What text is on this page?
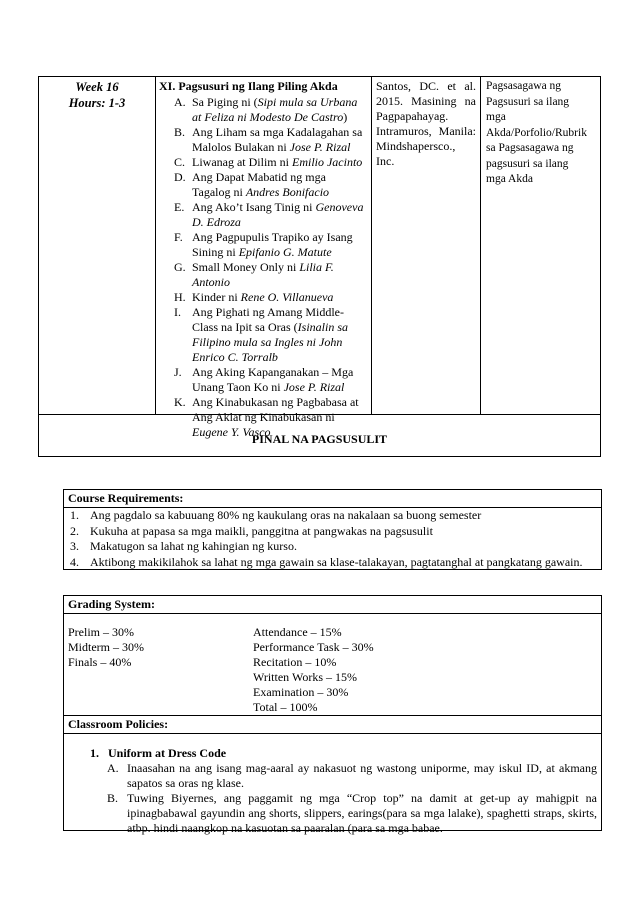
Week 16
Hours: 1-3
XI. Pagsusuri ng Ilang Piling Akda
A. Sa Piging ni (Sipi mula sa Urbana at Feliza ni Modesto De Castro)
B. Ang Liham sa mga Kadalagahan sa Malolos Bulakan ni Jose P. Rizal
C. Liwanag at Dilim ni Emilio Jacinto
D. Ang Dapat Mabatid ng mga Tagalog ni Andres Bonifacio
E. Ang Ako’t Isang Tinig ni Genoveva D. Edroza
F. Ang Pagpupulis Trapiko ay Isang Sining ni Epifanio G. Matute
G. Small Money Only ni Lilia F. Antonio
H. Kinder ni Rene O. Villanueva
I. Ang Pighati ng Amang Middle-Class na Ipit sa Oras (Isinalin sa Filipino mula sa Ingles ni John Enrico C. Torralb
J. Ang Aking Kapanganakan – Mga Unang Taon Ko ni Jose P. Rizal
K. Ang Kinabukasan ng Pagbabasa at Ang Aklat ng Kinabukasan ni Eugene Y. Vasco
Santos, DC. et al.
2015. Masining na
Pagpapahayag.
Intramuros, Manila:
Mindshapersco., Inc.
Pagsasagawa ng
Pagsusuri sa ilang
mga
Akda/Porfolio/Rubrik
sa Pagsasagawa ng
pagsusuri sa ilang
mga Akda
PINAL NA PAGSUSULIT
Course Requirements:
1. Ang pagdalo sa kabuuang 80% ng kaukulang oras na nakalaan sa buong semester
2. Kukuha at papasa sa mga maikli, panggitna at pangwakas na pagsusulit
3. Makatugon sa lahat ng kahingian ng kurso.
4. Aktibong makikilahok sa lahat ng mga gawain sa klase-talakayan, pagtatanghal at pangkatang gawain.
Grading System:
Prelim – 30%
Midterm – 30%
Finals – 40%
Attendance – 15%
Performance Task – 30%
Recitation – 10%
Written Works – 15%
Examination – 30%
Total – 100%
Classroom Policies:
1. Uniform at Dress Code
A. Inaasahan na ang isang mag-aaral ay nakasuot ng wastong uniporme, may iskul ID, at akmang sapatos sa oras ng klase.
B. Tuwing Biyernes, ang paggamit ng mga “Crop top” na damit at get-up ay mahigpit na ipinagbabawal gayundin ang shorts, slippers, earings(para sa mga lalake), spaghetti straps, skirts, atbp. hindi naangkop na kasuotan sa paaralan (para sa mga babae.
